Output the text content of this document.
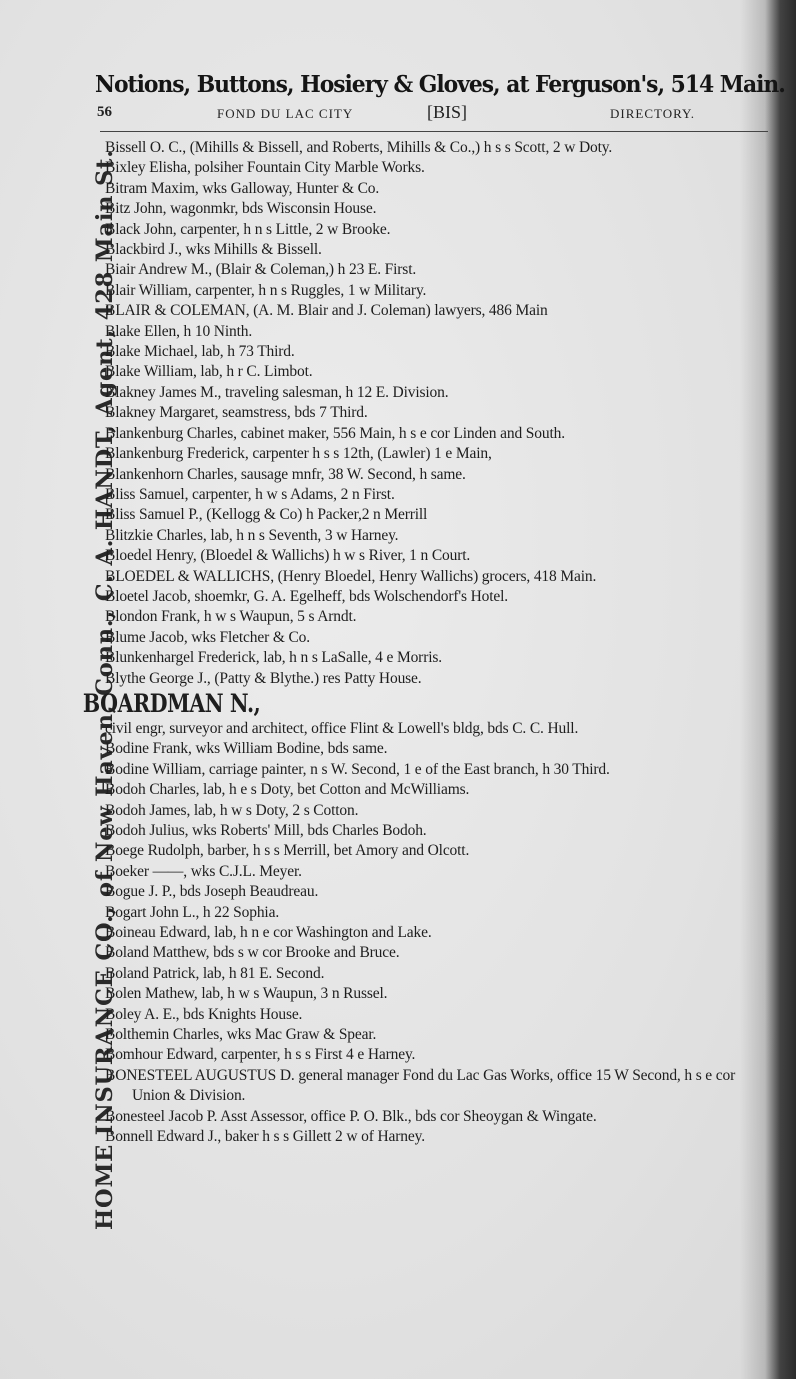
Notions, Buttons, Hosiery & Gloves, at Ferguson's, 514 Main.
56	FOND DU LAC CITY	[BIS]	DIRECTORY.
HOME INSURANCE CO., of New Haven, Conn., C. A. HANDT, Agent, 428 Main St.

Bissell O. C., (Mihills & Bissell, and Roberts, Mihills & Co.,) h s s Scott, 2 w Doty.

Bixley Elisha, polsiher Fountain City Marble Works.

Bitram Maxim, wks Galloway, Hunter & Co.

Bitz John, wagonmkr, bds Wisconsin House.

Black John, carpenter, h n s Little, 2 w Brooke.

Blackbird J., wks Mihills & Bissell.

Biair Andrew M., (Blair & Coleman,) h 23 E. First.

Blair William, carpenter, h n s Ruggles, 1 w Military.

BLAIR & COLEMAN, (A. M. Blair and J. Coleman) lawyers, 486 Main

Blake Ellen, h 10 Ninth.

Blake Michael, lab, h 73 Third.

Blake William, lab, h r C. Limbot.

Blakney James M., traveling salesman, h 12 E. Division.

Blakney Margaret, seamstress, bds 7 Third.

Blankenburg Charles, cabinet maker, 556 Main, h s e cor Linden and South.

Blankenburg Frederick, carpenter h s s 12th, (Lawler) 1 e Main,

Blankenhorn Charles, sausage mnfr, 38 W. Second, h same.

Bliss Samuel, carpenter, h w s Adams, 2 n First.

Bliss Samuel P., (Kellogg & Co) h Packer,2 n Merrill

Blitzkie Charles, lab, h n s Seventh, 3 w Harney.

Bloedel Henry, (Bloedel & Wallichs) h w s River, 1 n Court.

BLOEDEL & WALLICHS, (Henry Bloedel, Henry Wallichs) grocers, 418 Main.

Bloetel Jacob, shoemkr, G. A. Egelheff, bds Wolschendorf's Hotel.

Blondon Frank, h w s Waupun, 5 s Arndt.

Blume Jacob, wks Fletcher & Co.

Blunkenhargel Frederick, lab, h n s LaSalle, 4 e Morris.

Blythe George J., (Patty & Blythe.) res Patty House.

BOARDMAN N.,
civil engr, surveyor and architect, office Flint & Lowell's bldg, bds C. C. Hull.

Bodine Frank, wks William Bodine, bds same.

Bodine William, carriage painter, n s W. Second, 1 e of the East branch, h 30 Third.

Bodoh Charles, lab, h e s Doty, bet Cotton and McWilliams.

Bodoh James, lab, h w s Doty, 2 s Cotton.

Bodoh Julius, wks Roberts' Mill, bds Charles Bodoh.

Boege Rudolph, barber, h s s Merrill, bet Amory and Olcott.

Boeker ——, wks C.J.L. Meyer.

Bogue J. P., bds Joseph Beaudreau.

Bogart John L., h 22 Sophia.

Boineau Edward, lab, h n e cor Washington and Lake.

Boland Matthew, bds s w cor Brooke and Bruce.

Boland Patrick, lab, h 81 E. Second.

Bolen Mathew, lab, h w s Waupun, 3 n Russel.

Boley A. E., bds Knights House.

Bolthemin Charles, wks Mac Graw & Spear.

Bomhour Edward, carpenter, h s s First 4 e Harney.

BONESTEEL AUGUSTUS D. general manager Fond du Lac Gas Works, office 15 W Second, h s e cor Union & Division.

Bonesteel Jacob P. Asst Assessor, office P. O. Blk., bds cor Sheoygan & Wingate.

Bonnell Edward J., baker h s s Gillett 2 w of Harney.
